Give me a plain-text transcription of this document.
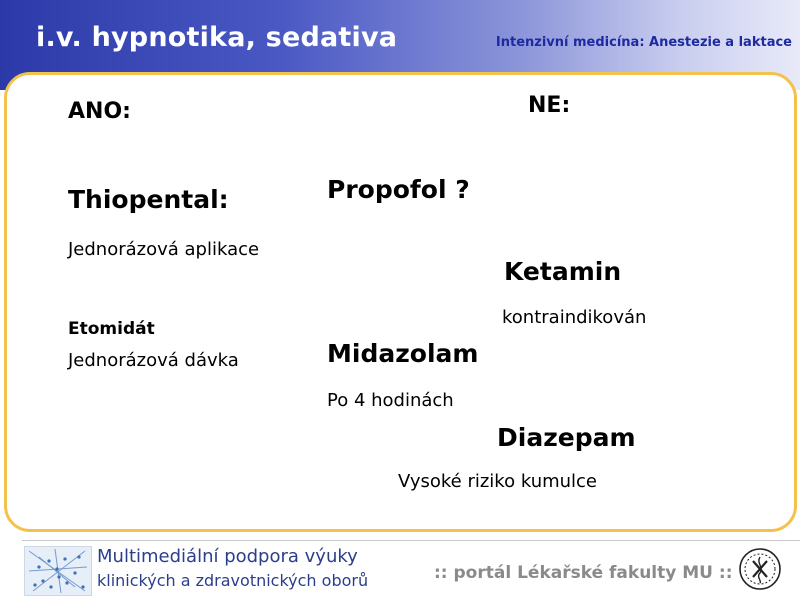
i.v. hypnotika, sedativa	Intenzivní medicína: Anestezie a laktace
ANO:
Thiopental:
Jednorázová aplikace
Etomidát
Jednorázová dávka
NE:
Propofol ?
Ketamin
kontraindikován
Midazolam
Po 4 hodinách
Diazepam
Vysoké riziko kumulce
Multimediální podpora výuky
klinických a zdravotnických oborů	:: portál Lékařské fakulty MU ::
